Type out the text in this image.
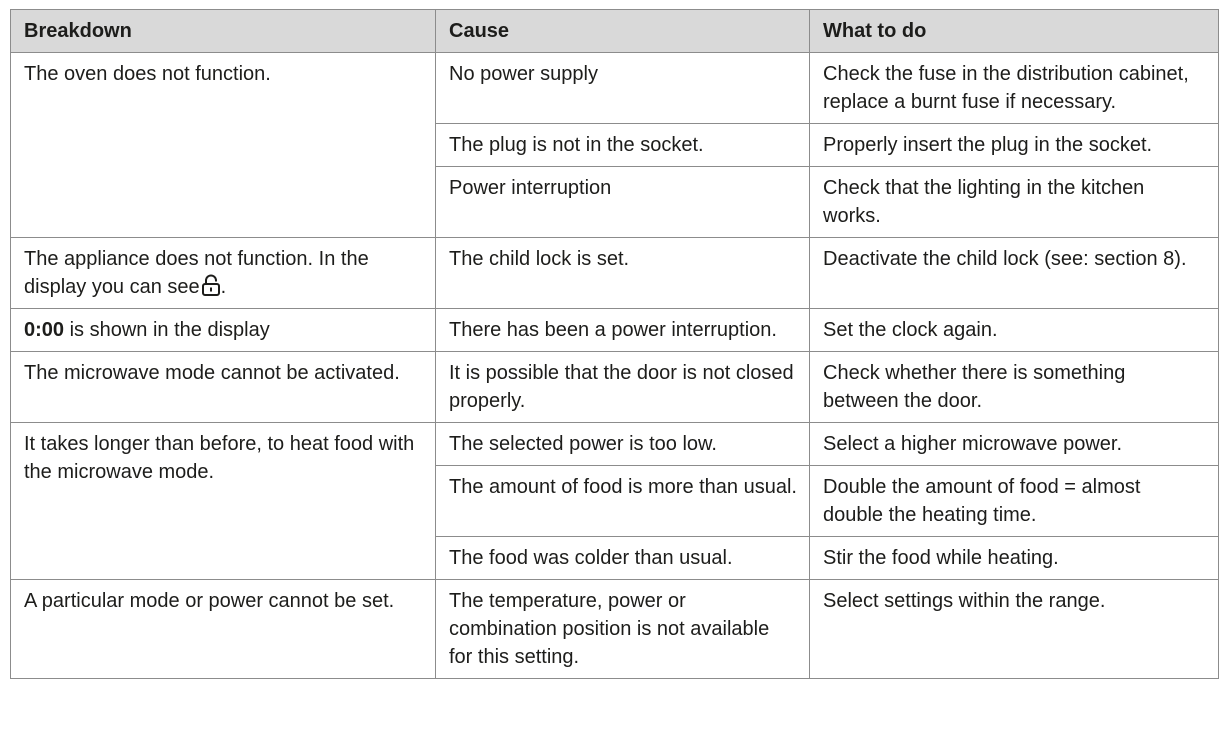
Breakdown	Cause	What to do
The oven does not function.	No power supply	Check the fuse in the distribution cabinet, replace a burnt fuse if necessary.
	The plug is not in the socket.	Properly insert the plug in the socket.
	Power interruption	Check that the lighting in the kitchen works.
The appliance does not function. In the display you can see .	The child lock is set.	Deactivate the child lock (see: section 8).
0:00 is shown in the display	There has been a power interruption.	Set the clock again.
The microwave mode cannot be activated.	It is possible that the door is not closed properly.	Check whether there is something between the door.
It takes longer than before, to heat food with the microwave mode.	The selected power is too low.	Select a higher microwave power.
	The amount of food is more than usual.	Double the amount of food = almost double the heating time.
	The food was colder than usual.	Stir the food while heating.
A particular mode or power cannot be set.	The temperature, power or combination position is not available for this setting.	Select settings within the range.
